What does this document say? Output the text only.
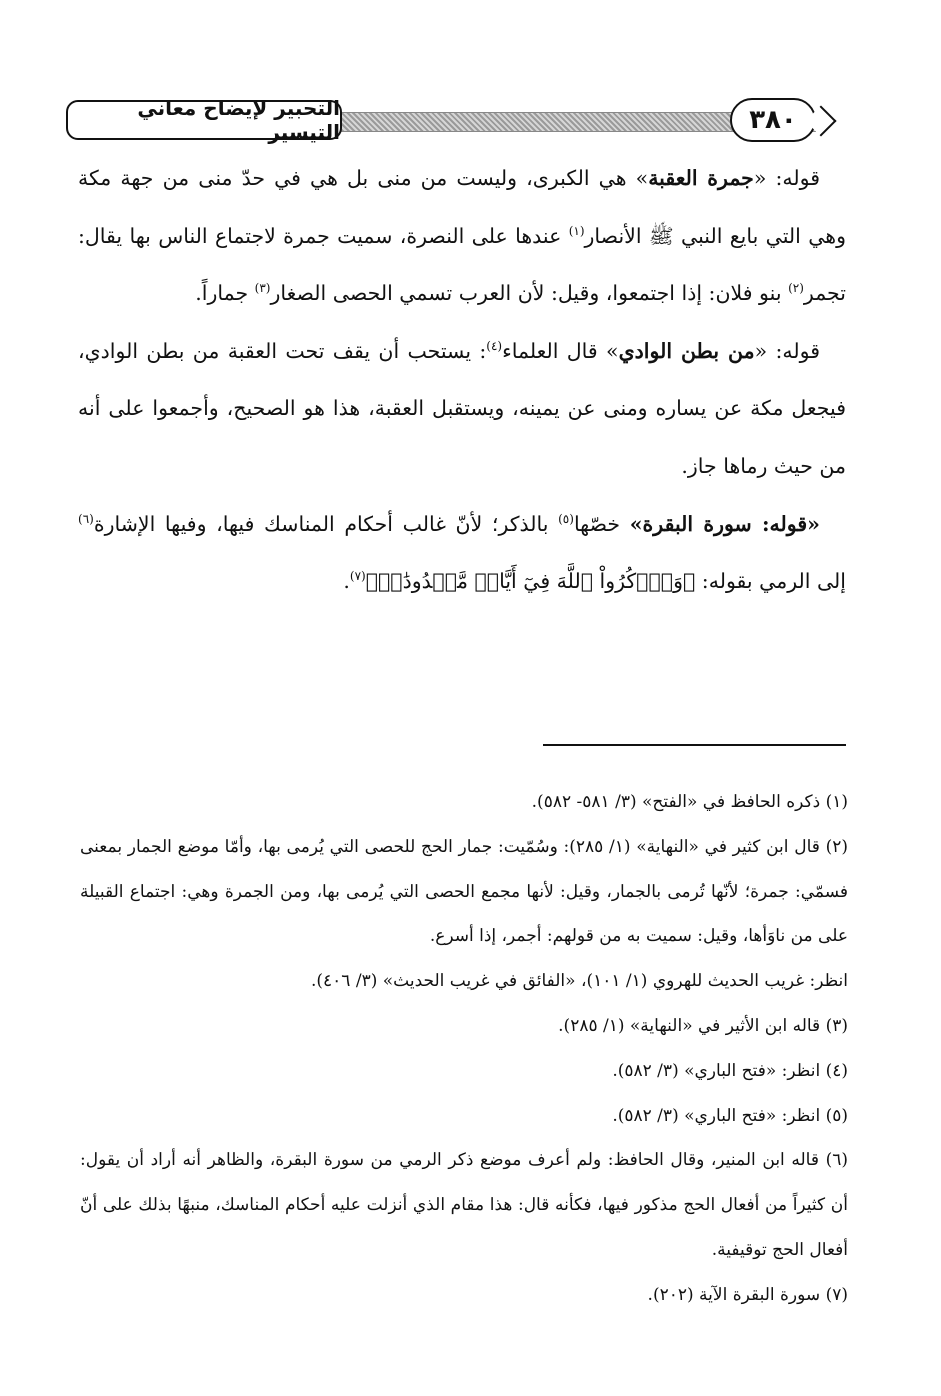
التحبير لإيضاح معاني التيسير	٣٨٠

قوله: «جمرة العقبة» هي الكبرى، وليست من منى بل هي في حدّ منى من جهة مكة وهي التي بايع النبي ﷺ الأنصار$^{(١)}$ عندها على النصرة، سميت جمرة لاجتماع الناس بها يقال: تجمر$^{(٢)}$ بنو فلان: إذا اجتمعوا، وقيل: لأن العرب تسمي الحصى الصغار$^{(٣)}$ جماراً.

قوله: «من بطن الوادي» قال العلماء$^{(٤)}$: يستحب أن يقف تحت العقبة من بطن الوادي، فيجعل مكة عن يساره ومنى عن يمينه، ويستقبل العقبة، هذا هو الصحيح، وأجمعوا على أنه من حيث رماها جاز.

«قوله: سورة البقرة» خصّها$^{(٥)}$ بالذكر؛ لأنّ غالب أحكام المناسك فيها، وفيها الإشارة$^{(٦)}$ إلى الرمي بقوله: ﴿وَٱذۡكُرُواْ ٱللَّهَ فِيٓ أَيَّامٖ مَّعۡدُودَٰتٖ﴾$^{(٧)}$.

(١) ذكره الحافظ في «الفتح» (٣/ ٥٨١- ٥٨٢).

(٢) قال ابن كثير في «النهاية» (١/ ٢٨٥): وسُمّيت: جمار الحج للحصى التي يُرمى بها، وأمّا موضع الجمار بمعنى فسمّي: جمرة؛ لأنّها تُرمى بالجمار، وقيل: لأنها مجمع الحصى التي يُرمى بها، ومن الجمرة وهي: اجتماع القبيلة على من ناوَأها، وقيل: سميت به من قولهم: أجمر، إذا أسرع.

انظر: غريب الحديث للهروي (١/ ١٠١)، «الفائق في غريب الحديث» (٣/ ٤٠٦).

(٣) قاله ابن الأثير في «النهاية» (١/ ٢٨٥).

(٤) انظر: «فتح الباري» (٣/ ٥٨٢).

(٥) انظر: «فتح الباري» (٣/ ٥٨٢).

(٦) قاله ابن المنير، وقال الحافظ: ولم أعرف موضع ذكر الرمي من سورة البقرة، والظاهر أنه أراد أن يقول: أن كثيراً من أفعال الحج مذكور فيها، فكأنه قال: هذا مقام الذي أنزلت عليه أحكام المناسك، منبهًا بذلك على أنّ أفعال الحج توقيفية.

(٧) سورة البقرة الآية (٢٠٢).
